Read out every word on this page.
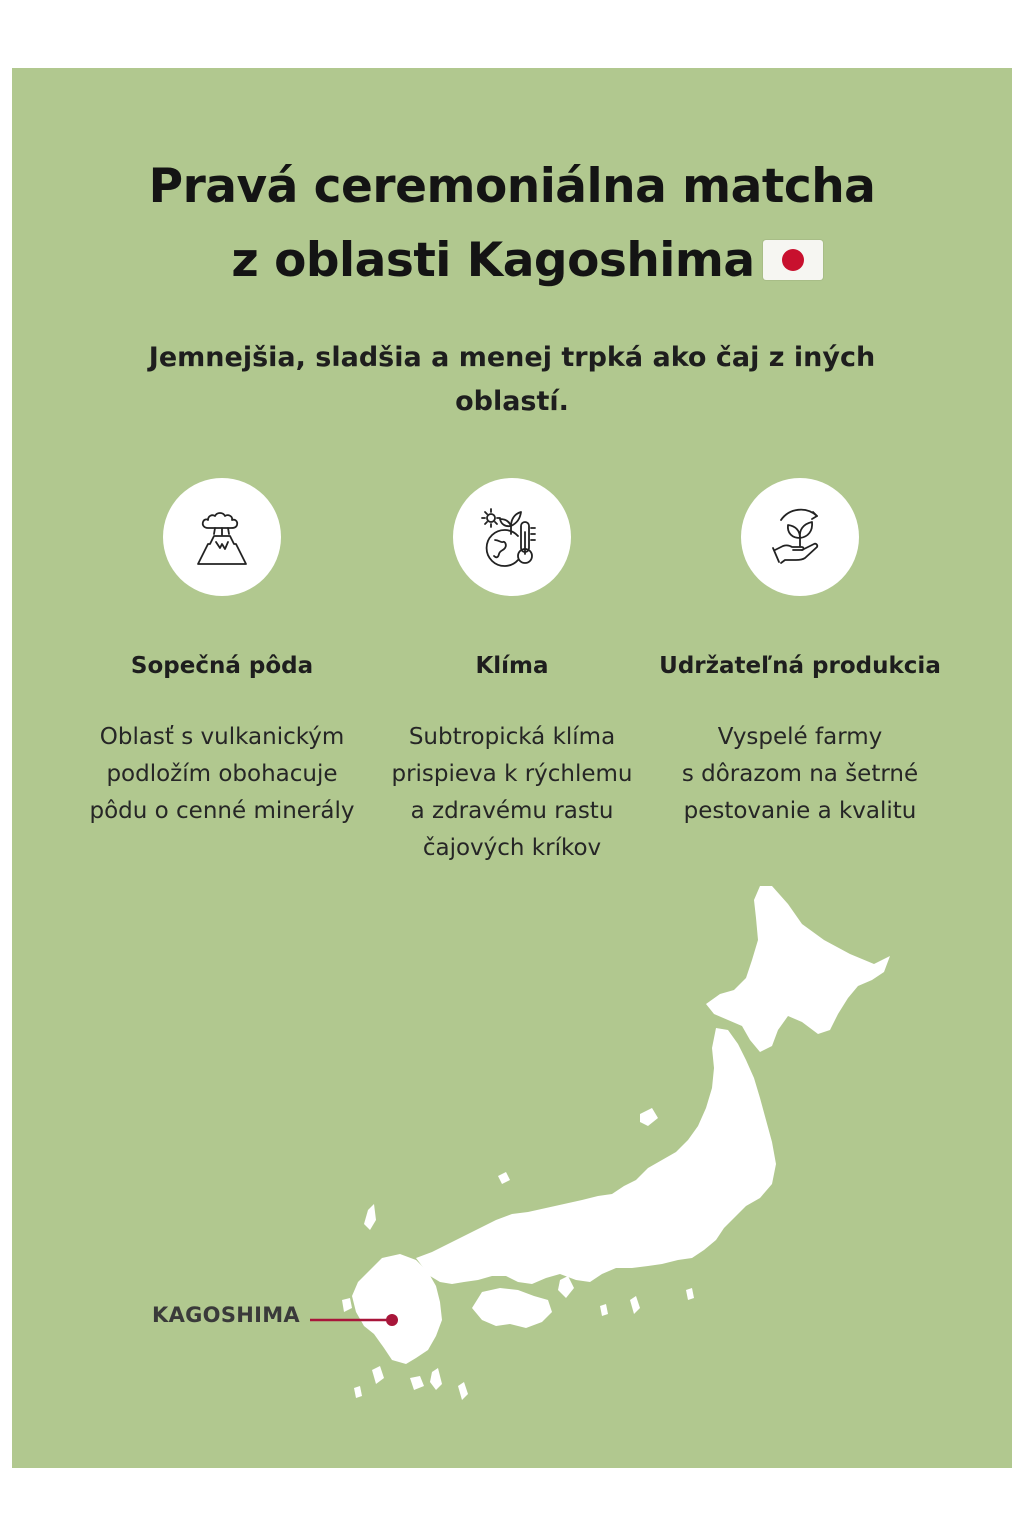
Pravá ceremoniálna matcha
z oblasti Kagoshima
Jemnejšia, sladšia a menej trpká ako čaj z iných oblastí.
Sopečná pôda
Oblasť s vulkanickým
podložím obohacuje
pôdu o cenné minerály
Klíma
Subtropická klíma
prispieva k rýchlemu
a zdravému rastu
čajových kríkov
Udržateľná produkcia
Vyspelé farmy
s dôrazom na šetrné
pestovanie a kvalitu
KAGOSHIMA
